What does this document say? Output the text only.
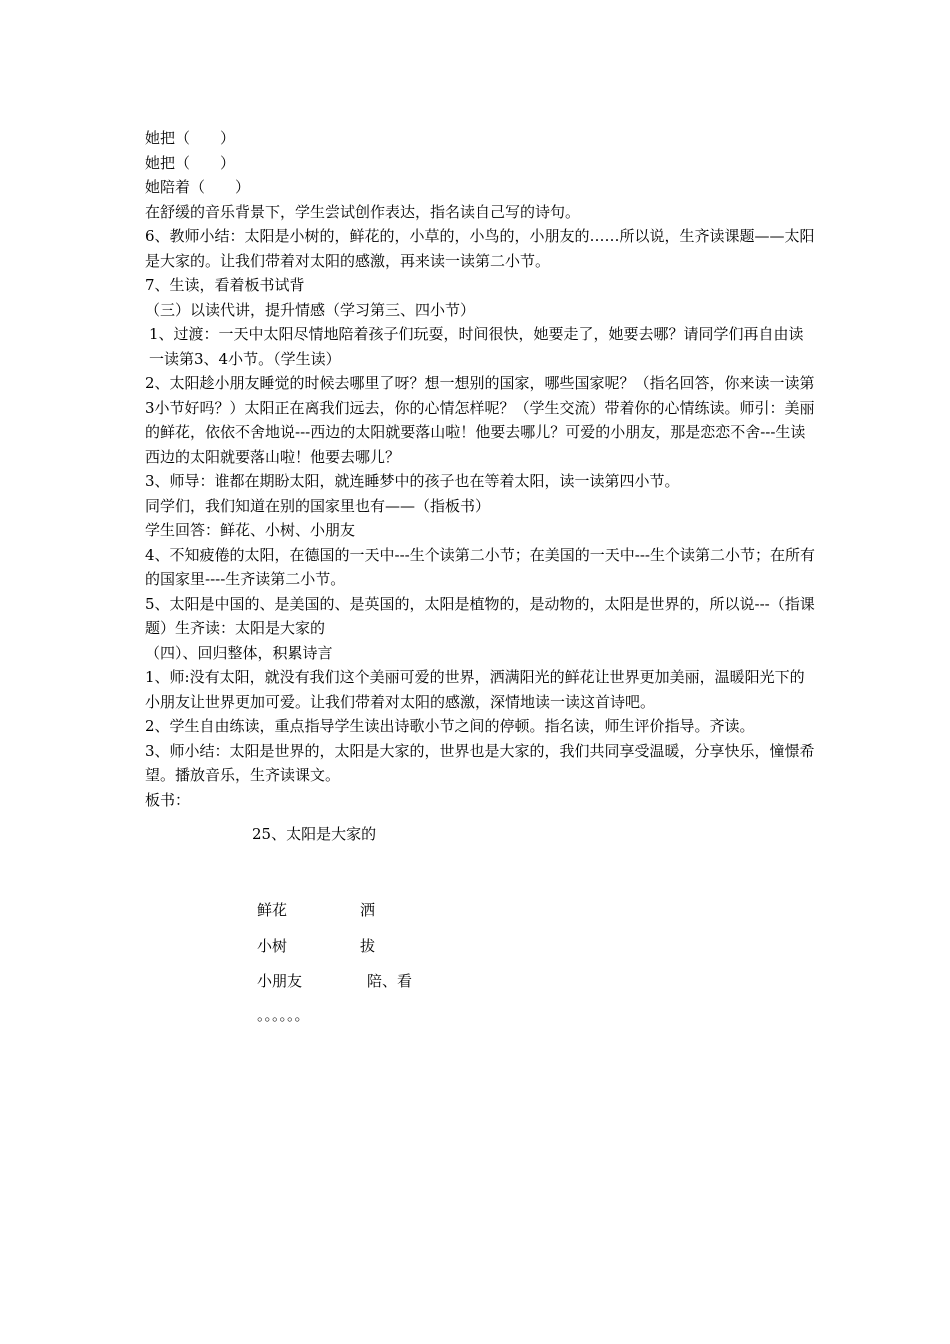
她把（　　）

她把（　　）

她陪着（　　）

在舒缓的音乐背景下，学生尝试创作表达，指名读自己写的诗句。

6、教师小结：太阳是小树的，鲜花的，小草的，小鸟的，小朋友的……所以说，生齐读课题——太阳是大家的。让我们带着对太阳的感激，再来读一读第二小节。

7、生读，看着板书试背

（三）以读代讲，提升情感（学习第三、四小节）

1、过渡：一天中太阳尽情地陪着孩子们玩耍，时间很快，她要走了，她要去哪？请同学们再自由读一读第3、4小节。（学生读）

2、太阳趁小朋友睡觉的时候去哪里了呀？想一想别的国家，哪些国家呢？（指名回答，你来读一读第3小节好吗？）太阳正在离我们远去，你的心情怎样呢？（学生交流）带着你的心情练读。师引：美丽的鲜花，依依不舍地说---西边的太阳就要落山啦！他要去哪儿？可爱的小朋友，那是恋恋不舍---生读西边的太阳就要落山啦！他要去哪儿？

3、师导：谁都在期盼太阳，就连睡梦中的孩子也在等着太阳，读一读第四小节。

同学们，我们知道在别的国家里也有——（指板书）

学生回答：鲜花、小树、小朋友

4、不知疲倦的太阳，在德国的一天中---生个读第二小节；在美国的一天中---生个读第二小节；在所有的国家里----生齐读第二小节。

5、太阳是中国的、是美国的、是英国的，太阳是植物的，是动物的，太阳是世界的，所以说---（指课题）生齐读：太阳是大家的

（四）、回归整体，积累诗言

1、师:没有太阳，就没有我们这个美丽可爱的世界，洒满阳光的鲜花让世界更加美丽，温暖阳光下的小朋友让世界更加可爱。让我们带着对太阳的感激，深情地读一读这首诗吧。

2、学生自由练读，重点指导学生读出诗歌小节之间的停顿。指名读，师生评价指导。齐读。

3、师小结：太阳是世界的，太阳是大家的，世界也是大家的，我们共同享受温暖，分享快乐，憧憬希望。播放音乐，生齐读课文。

板书：

25、太阳是大家的
鲜花	洒
小树	拔
小朋友	陪、看
。。。。。。
